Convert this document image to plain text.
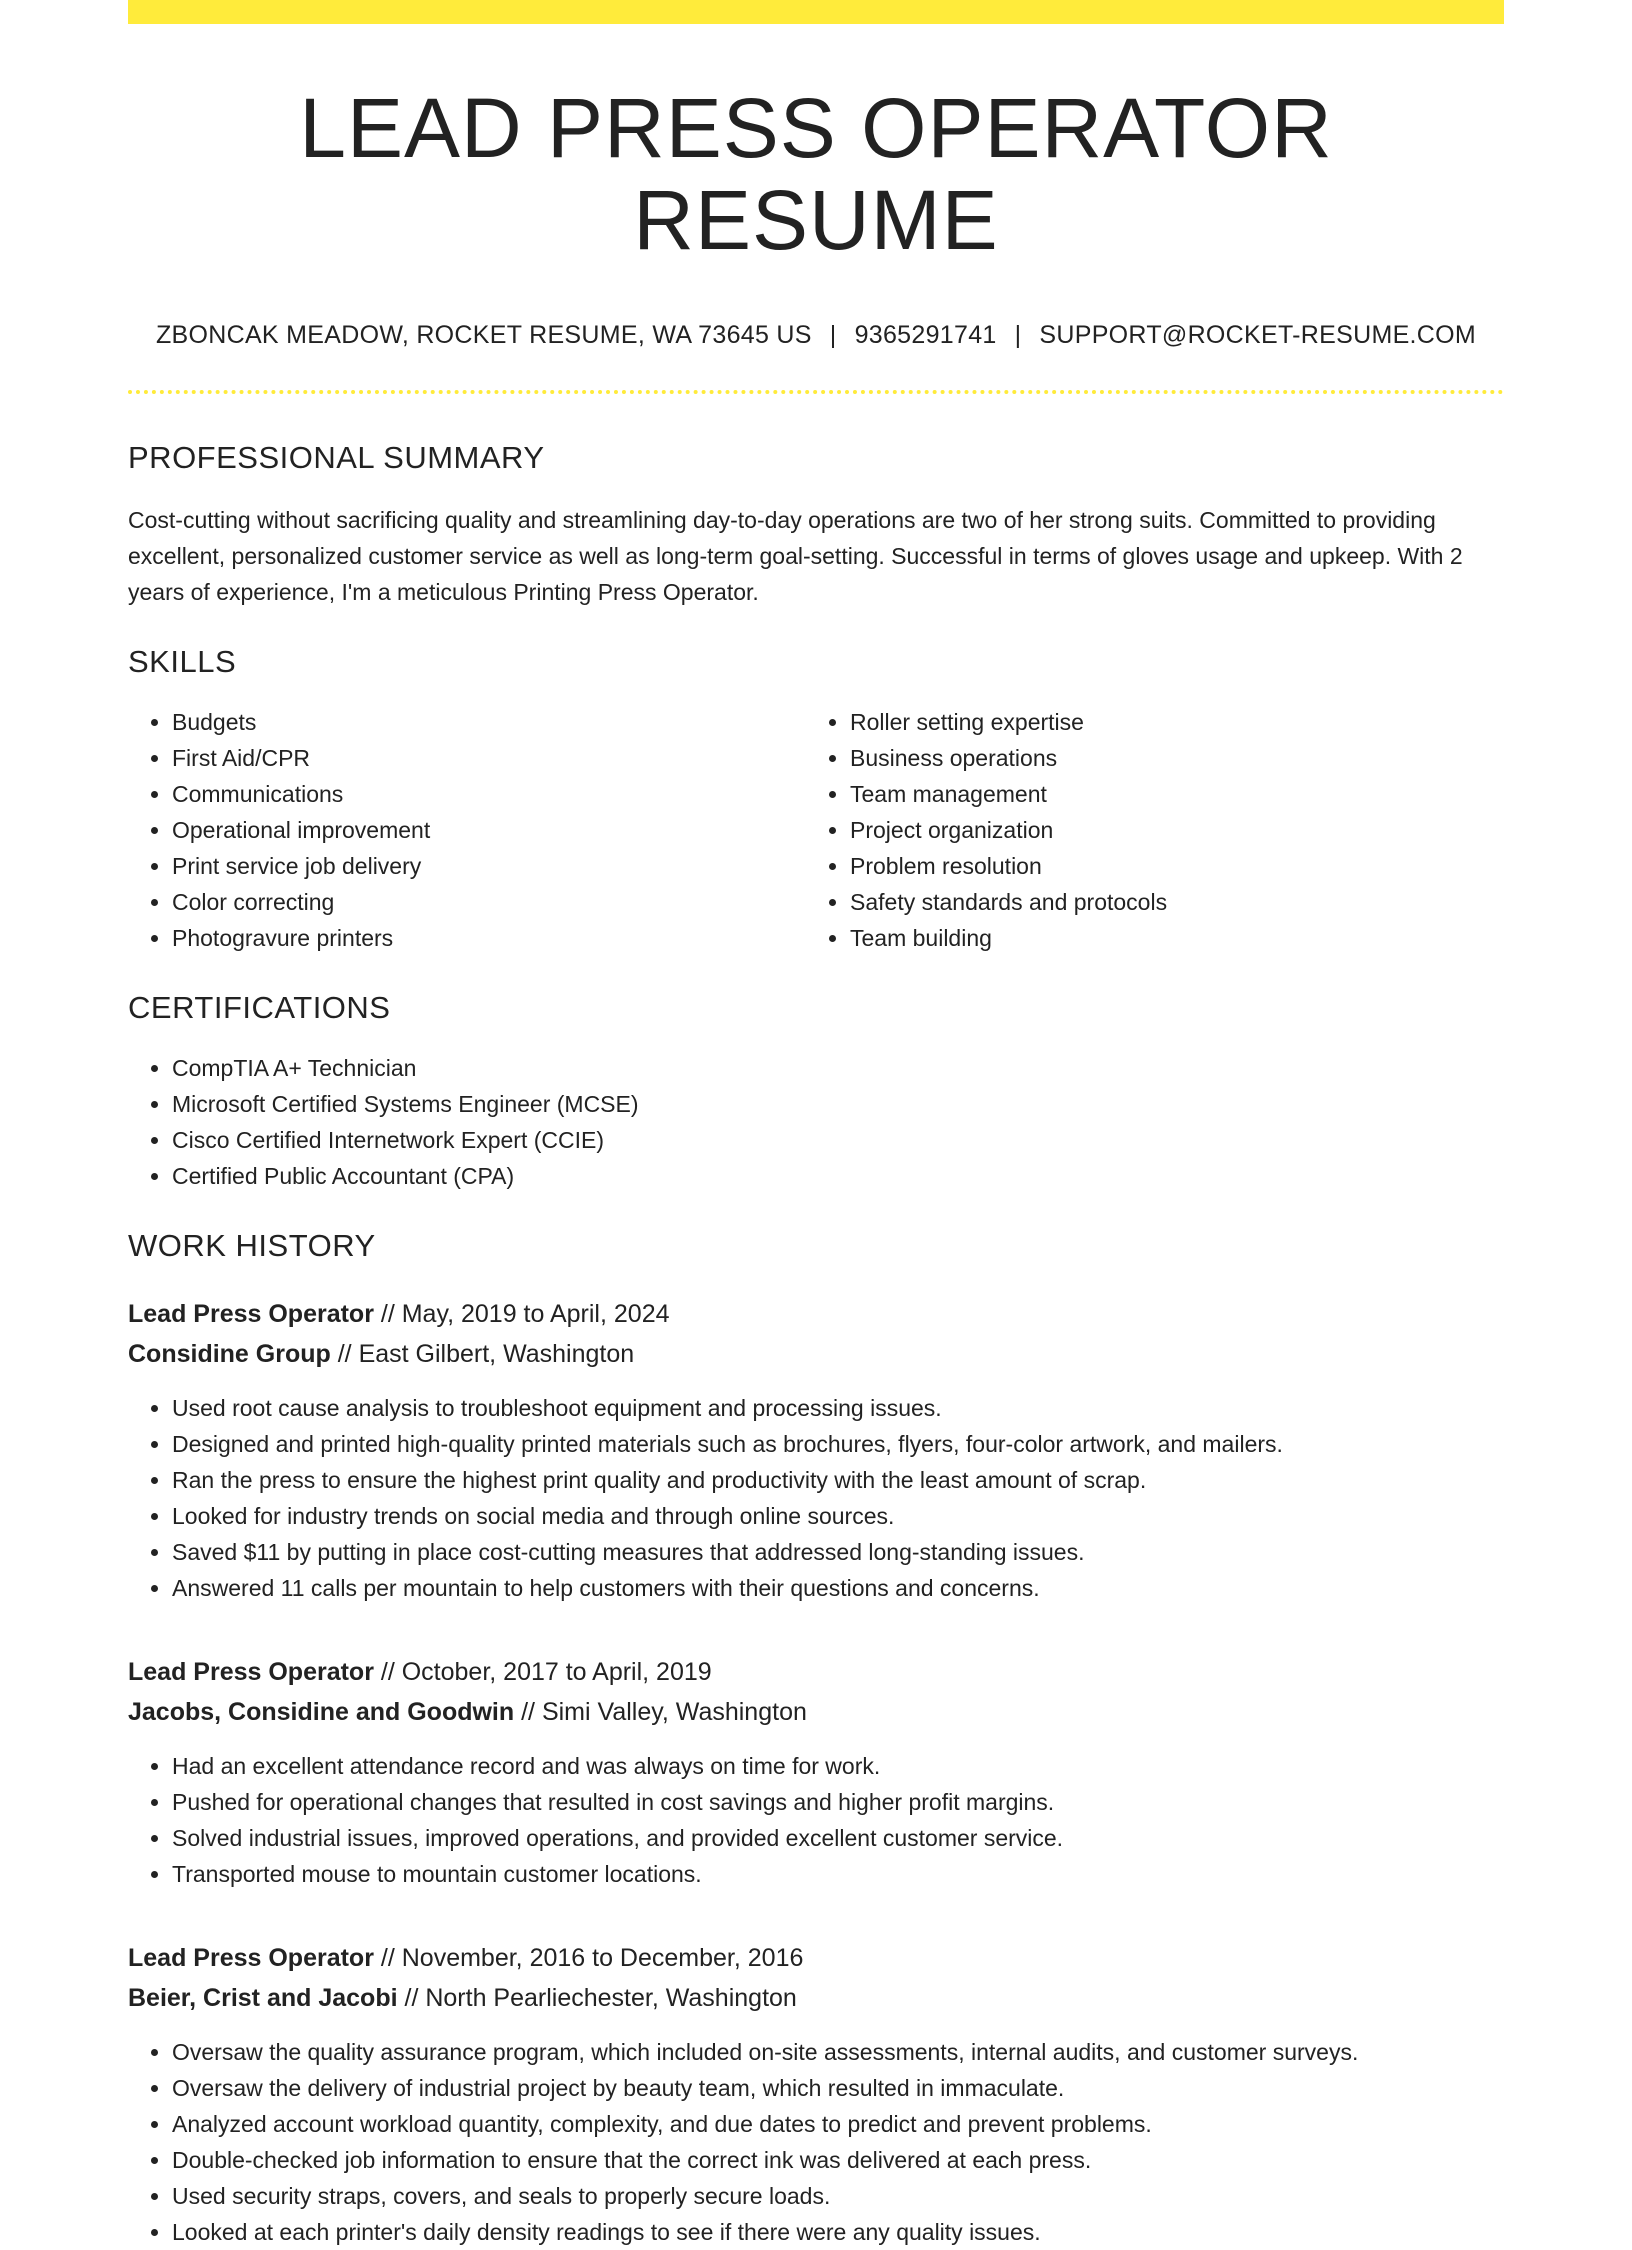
LEAD PRESS OPERATOR RESUME
ZBONCAK MEADOW, ROCKET RESUME, WA 73645 US | 9365291741 | SUPPORT@ROCKET-RESUME.COM
PROFESSIONAL SUMMARY
Cost-cutting without sacrificing quality and streamlining day-to-day operations are two of her strong suits. Committed to providing excellent, personalized customer service as well as long-term goal-setting. Successful in terms of gloves usage and upkeep. With 2 years of experience, I'm a meticulous Printing Press Operator.
SKILLS
• Budgets
• First Aid/CPR
• Communications
• Operational improvement
• Print service job delivery
• Color correcting
• Photogravure printers
• Roller setting expertise
• Business operations
• Team management
• Project organization
• Problem resolution
• Safety standards and protocols
• Team building
CERTIFICATIONS
• CompTIA A+ Technician
• Microsoft Certified Systems Engineer (MCSE)
• Cisco Certified Internetwork Expert (CCIE)
• Certified Public Accountant (CPA)
WORK HISTORY
Lead Press Operator // May, 2019 to April, 2024
Considine Group // East Gilbert, Washington
• Used root cause analysis to troubleshoot equipment and processing issues.
• Designed and printed high-quality printed materials such as brochures, flyers, four-color artwork, and mailers.
• Ran the press to ensure the highest print quality and productivity with the least amount of scrap.
• Looked for industry trends on social media and through online sources.
• Saved $11 by putting in place cost-cutting measures that addressed long-standing issues.
• Answered 11 calls per mountain to help customers with their questions and concerns.
Lead Press Operator // October, 2017 to April, 2019
Jacobs, Considine and Goodwin // Simi Valley, Washington
• Had an excellent attendance record and was always on time for work.
• Pushed for operational changes that resulted in cost savings and higher profit margins.
• Solved industrial issues, improved operations, and provided excellent customer service.
• Transported mouse to mountain customer locations.
Lead Press Operator // November, 2016 to December, 2016
Beier, Crist and Jacobi // North Pearliechester, Washington
• Oversaw the quality assurance program, which included on-site assessments, internal audits, and customer surveys.
• Oversaw the delivery of industrial project by beauty team, which resulted in immaculate.
• Analyzed account workload quantity, complexity, and due dates to predict and prevent problems.
• Double-checked job information to ensure that the correct ink was delivered at each press.
• Used security straps, covers, and seals to properly secure loads.
• Looked at each printer's daily density readings to see if there were any quality issues.
